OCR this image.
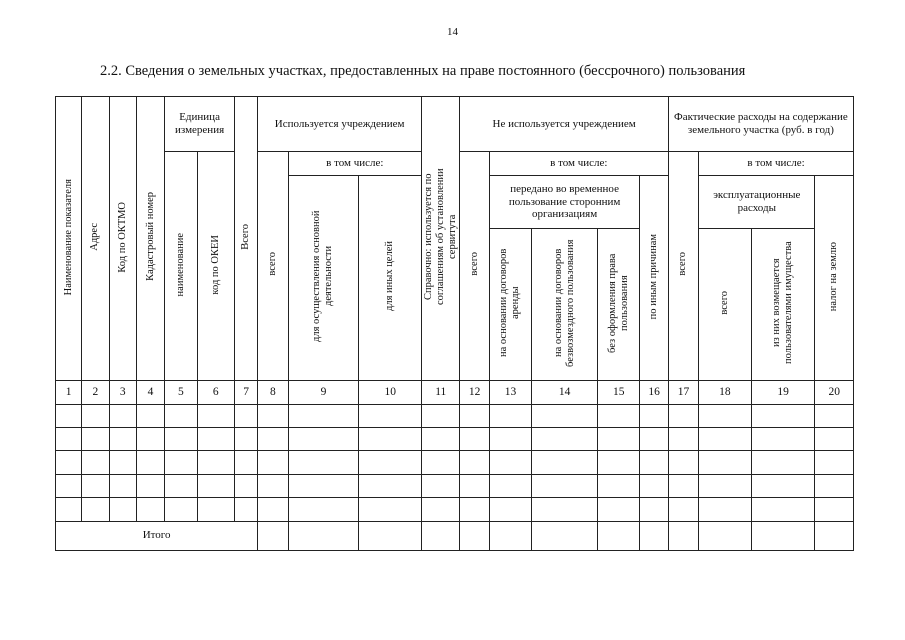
14
2.2. Сведения о земельных участках, предоставленных на праве постоянного (бессрочного) пользования
Наименование показателя	Адрес	Код по ОКТМО	Кадастровый номер	Единица измерения		Всего	Используется учреждением			Справочно: используется по соглашениям об установлении сервитута	Не используется учреждением					Фактические расходы на содержание земельного участка (руб. в год)			
				наименование	код по ОКЕИ		всего	в том числе:			всего	в том числе:				всего	в том числе:		
								для осуществления основной деятельности	для иных целей			передано во временное пользование сторонним организациям			по иным причинам		эксплуатационные расходы		налог на землю
												на основании договоров аренды	на основании договоров безвозмездного пользования	без оформления права пользования			всего	из них возмещается пользователями имущества	
1	2	3	4	5	6	7	8	9	10	11	12	13	14	15	16	17	18	19	20

Итого																			
